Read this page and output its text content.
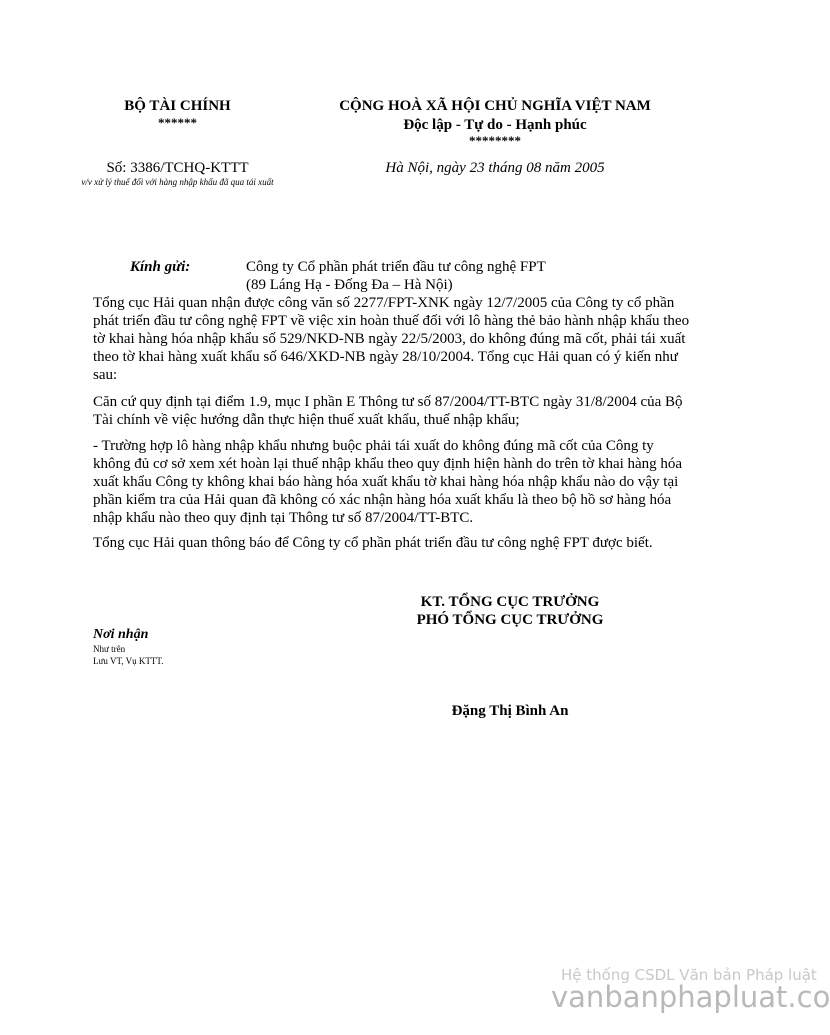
BỘ TÀI CHÍNH
******
CỘNG HOÀ XÃ HỘI CHỦ NGHĨA VIỆT NAM
Độc lập - Tự do - Hạnh phúc
********
Số: 3386/TCHQ-KTTT
v/v xử lý thuế đối với hàng nhập khẩu đã qua tái xuất
Hà Nội, ngày 23 tháng 08 năm 2005
Kính gửi:	Công ty Cổ phần phát triển đầu tư công nghệ FPT
(89 Láng Hạ - Đống Đa – Hà Nội)
Tổng cục Hải quan nhận được công văn số 2277/FPT-XNK ngày 12/7/2005 của Công ty cổ phần phát triển đầu tư công nghệ FPT về việc xin hoàn thuế đối với lô hàng thẻ bảo hành nhập khẩu theo tờ khai hàng hóa nhập khẩu số 529/NKD-NB ngày 22/5/2003, do không đúng mã cốt, phải tái xuất theo tờ khai hàng xuất khẩu số 646/XKD-NB ngày 28/10/2004. Tổng cục Hải quan có ý kiến như sau:
Căn cứ quy định tại điểm 1.9, mục I phần E Thông tư số 87/2004/TT-BTC ngày 31/8/2004 của Bộ Tài chính về việc hướng dẫn thực hiện thuế xuất khẩu, thuế nhập khẩu;
- Trường hợp lô hàng nhập khẩu nhưng buộc phải tái xuất do không đúng mã cốt của Công ty không đủ cơ sở xem xét hoàn lại thuế nhập khẩu theo quy định hiện hành do trên tờ khai hàng hóa xuất khẩu Công ty không khai báo hàng hóa xuất khẩu tờ khai hàng hóa nhập khẩu nào do vậy tại phần kiểm tra của Hải quan đã không có xác nhận hàng hóa xuất khẩu là theo bộ hồ sơ hàng hóa nhập khẩu nào theo quy định tại Thông tư số 87/2004/TT-BTC.
Tổng cục Hải quan thông báo để Công ty cổ phần phát triển đầu tư công nghệ FPT được biết.
KT. TỔNG CỤC TRƯỞNG
PHÓ TỔNG CỤC TRƯỞNG
Nơi nhận
Như trên
Lưu VT, Vụ KTTT.
Đặng Thị Bình An
Hệ thống CSDL Văn bản Pháp luật
vanbanphapluat.co
